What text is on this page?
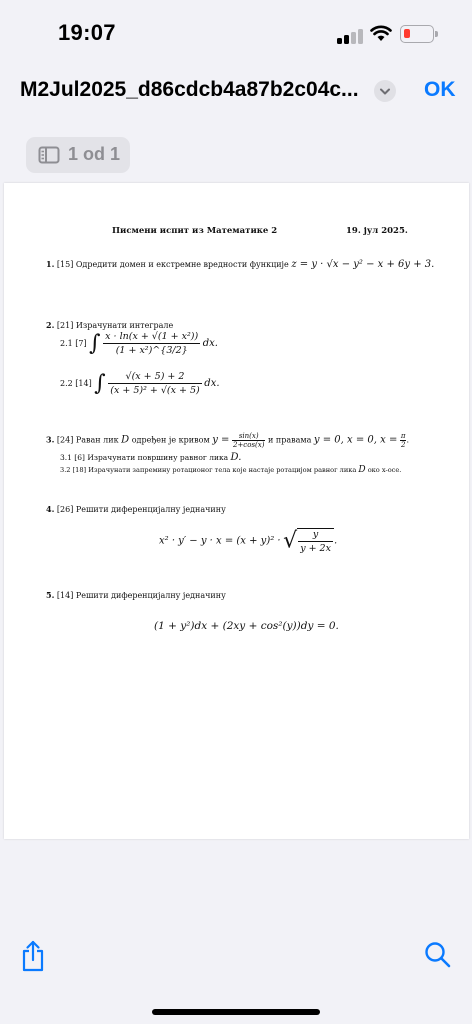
19:07
M2Jul2025_d86cdcb4a87b2c04c...	OK
1 od 1
Писмени испит из Математике 2	19. јул 2025.
1. [15] Одредити домен и екстремне вредности функције z = y · √x − y² − x + 6y + 3.
2. [21] Израчунати интеграле
2.1 [7] ∫ $\frac{\text{x · ln(x + √(1 + x²))}}{\text{(1 + x²)\textasciicircum{}\{3/2\}}}$ dx.
2.2 [14] ∫ $\frac{√(x + 5) + 2}{\text{(x + 5)² + √(x + 5)}}$ dx.
3. [24] Раван лик D одређен је кривом $y = \frac{\sin(x)}{2+\cos(x)}$ и правама y = 0, x = 0, $x = \frac{\pi}{2}$ .
3.1 [6] Израчунати површину равног лика D.
3.2 [18] Израчунати запремину ротационог тела које настаје ротацијом равног лика D око x-осе.
4. [26] Решити диференцијалну једначину
x² · y′ − y · x = (x + y)² · √ $\frac{y}{y + 2x}$ .
5. [14] Решити диференцијалну једначину
(1 + y²)dx + (2xy + cos²(y))dy = 0.
